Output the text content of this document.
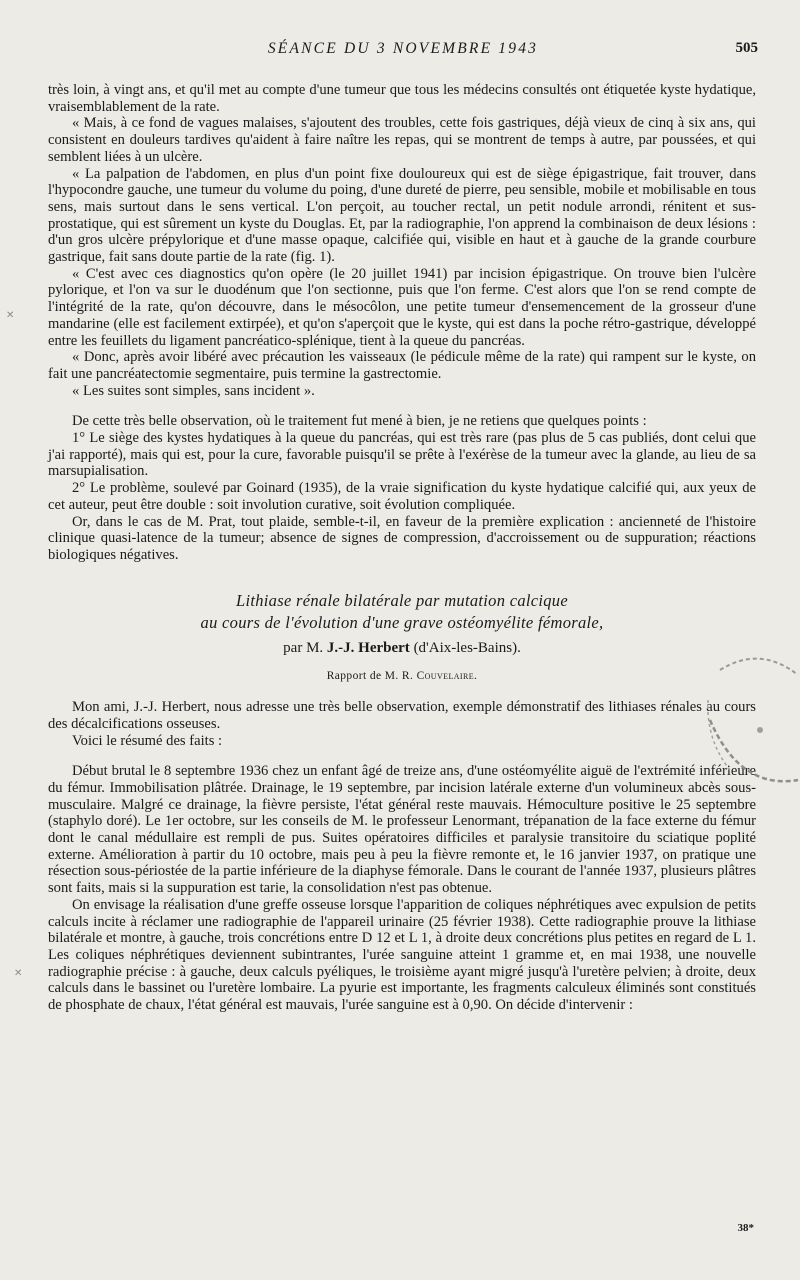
SÉANCE DU 3 NOVEMBRE 1943	505

très loin, à vingt ans, et qu'il met au compte d'une tumeur que tous les médecins consultés ont étiquetée kyste hydatique, vraisemblablement de la rate.

« Mais, à ce fond de vagues malaises, s'ajoutent des troubles, cette fois gastriques, déjà vieux de cinq à six ans, qui consistent en douleurs tardives qu'aident à faire naître les repas, qui se montrent de temps à autre, par poussées, et qui semblent liées à un ulcère.

« La palpation de l'abdomen, en plus d'un point fixe douloureux qui est de siège épigastrique, fait trouver, dans l'hypocondre gauche, une tumeur du volume du poing, d'une dureté de pierre, peu sensible, mobile et mobilisable en tous sens, mais surtout dans le sens vertical. L'on perçoit, au toucher rectal, un petit nodule arrondi, rénitent et sus-prostatique, qui est sûrement un kyste du Douglas. Et, par la radiographie, l'on apprend la combinaison de deux lésions : d'un gros ulcère prépylorique et d'une masse opaque, calcifiée qui, visible en haut et à gauche de la grande courbure gastrique, fait sans doute partie de la rate (fig. 1).

« C'est avec ces diagnostics qu'on opère (le 20 juillet 1941) par incision épigastrique. On trouve bien l'ulcère pylorique, et l'on va sur le duodénum que l'on sectionne, puis que l'on ferme. C'est alors que l'on se rend compte de l'intégrité de la rate, qu'on découvre, dans le mésocôlon, une petite tumeur d'ensemencement de la grosseur d'une mandarine (elle est facilement extirpée), et qu'on s'aperçoit que le kyste, qui est dans la poche rétro-gastrique, développé entre les feuillets du ligament pancréatico-splénique, tient à la queue du pancréas.

« Donc, après avoir libéré avec précaution les vaisseaux (le pédicule même de la rate) qui rampent sur le kyste, on fait une pancréatectomie segmentaire, puis termine la gastrectomie.

« Les suites sont simples, sans incident ».

De cette très belle observation, où le traitement fut mené à bien, je ne retiens que quelques points :

1° Le siège des kystes hydatiques à la queue du pancréas, qui est très rare (pas plus de 5 cas publiés, dont celui que j'ai rapporté), mais qui est, pour la cure, favorable puisqu'il se prête à l'exérèse de la tumeur avec la glande, au lieu de sa marsupialisation.

2° Le problème, soulevé par Goinard (1935), de la vraie signification du kyste hydatique calcifié qui, aux yeux de cet auteur, peut être double : soit involution curative, soit évolution compliquée.

Or, dans le cas de M. Prat, tout plaide, semble-t-il, en faveur de la première explication : ancienneté de l'histoire clinique quasi-latence de la tumeur; absence de signes de compression, d'accroissement ou de suppuration; réactions biologiques négatives.

Lithiase rénale bilatérale par mutation calcique
au cours de l'évolution d'une grave ostéomyélite fémorale,
par M. J.-J. Herbert (d'Aix-les-Bains).
Rapport de M. R. Couvelaire.

Mon ami, J.-J. Herbert, nous adresse une très belle observation, exemple démonstratif des lithiases rénales au cours des décalcifications osseuses.

Voici le résumé des faits :

Début brutal le 8 septembre 1936 chez un enfant âgé de treize ans, d'une ostéomyélite aiguë de l'extrémité inférieure du fémur. Immobilisation plâtrée. Drainage, le 19 septembre, par incision latérale externe d'un volumineux abcès sous-musculaire. Malgré ce drainage, la fièvre persiste, l'état général reste mauvais. Hémoculture positive le 25 septembre (staphylo doré). Le 1er octobre, sur les conseils de M. le professeur Lenormant, trépanation de la face externe du fémur dont le canal médullaire est rempli de pus. Suites opératoires difficiles et paralysie transitoire du sciatique poplité externe. Amélioration à partir du 10 octobre, mais peu à peu la fièvre remonte et, le 16 janvier 1937, on pratique une résection sous-périostée de la partie inférieure de la diaphyse fémorale. Dans le courant de l'année 1937, plusieurs plâtres sont faits, mais si la suppuration est tarie, la consolidation n'est pas obtenue.

On envisage la réalisation d'une greffe osseuse lorsque l'apparition de coliques néphrétiques avec expulsion de petits calculs incite à réclamer une radiographie de l'appareil urinaire (25 février 1938). Cette radiographie prouve la lithiase bilatérale et montre, à gauche, trois concrétions entre D 12 et L 1, à droite deux concrétions plus petites en regard de L 1. Les coliques néphrétiques deviennent subintrantes, l'urée sanguine atteint 1 gramme et, en mai 1938, une nouvelle radiographie précise : à gauche, deux calculs pyéliques, le troisième ayant migré jusqu'à l'uretère pelvien; à droite, deux calculs dans le bassinet ou l'uretère lombaire. La pyurie est importante, les fragments calculeux éliminés sont constitués de phosphate de chaux, l'état général est mauvais, l'urée sanguine est à 0,90. On décide d'intervenir :

✕
✕
38*
